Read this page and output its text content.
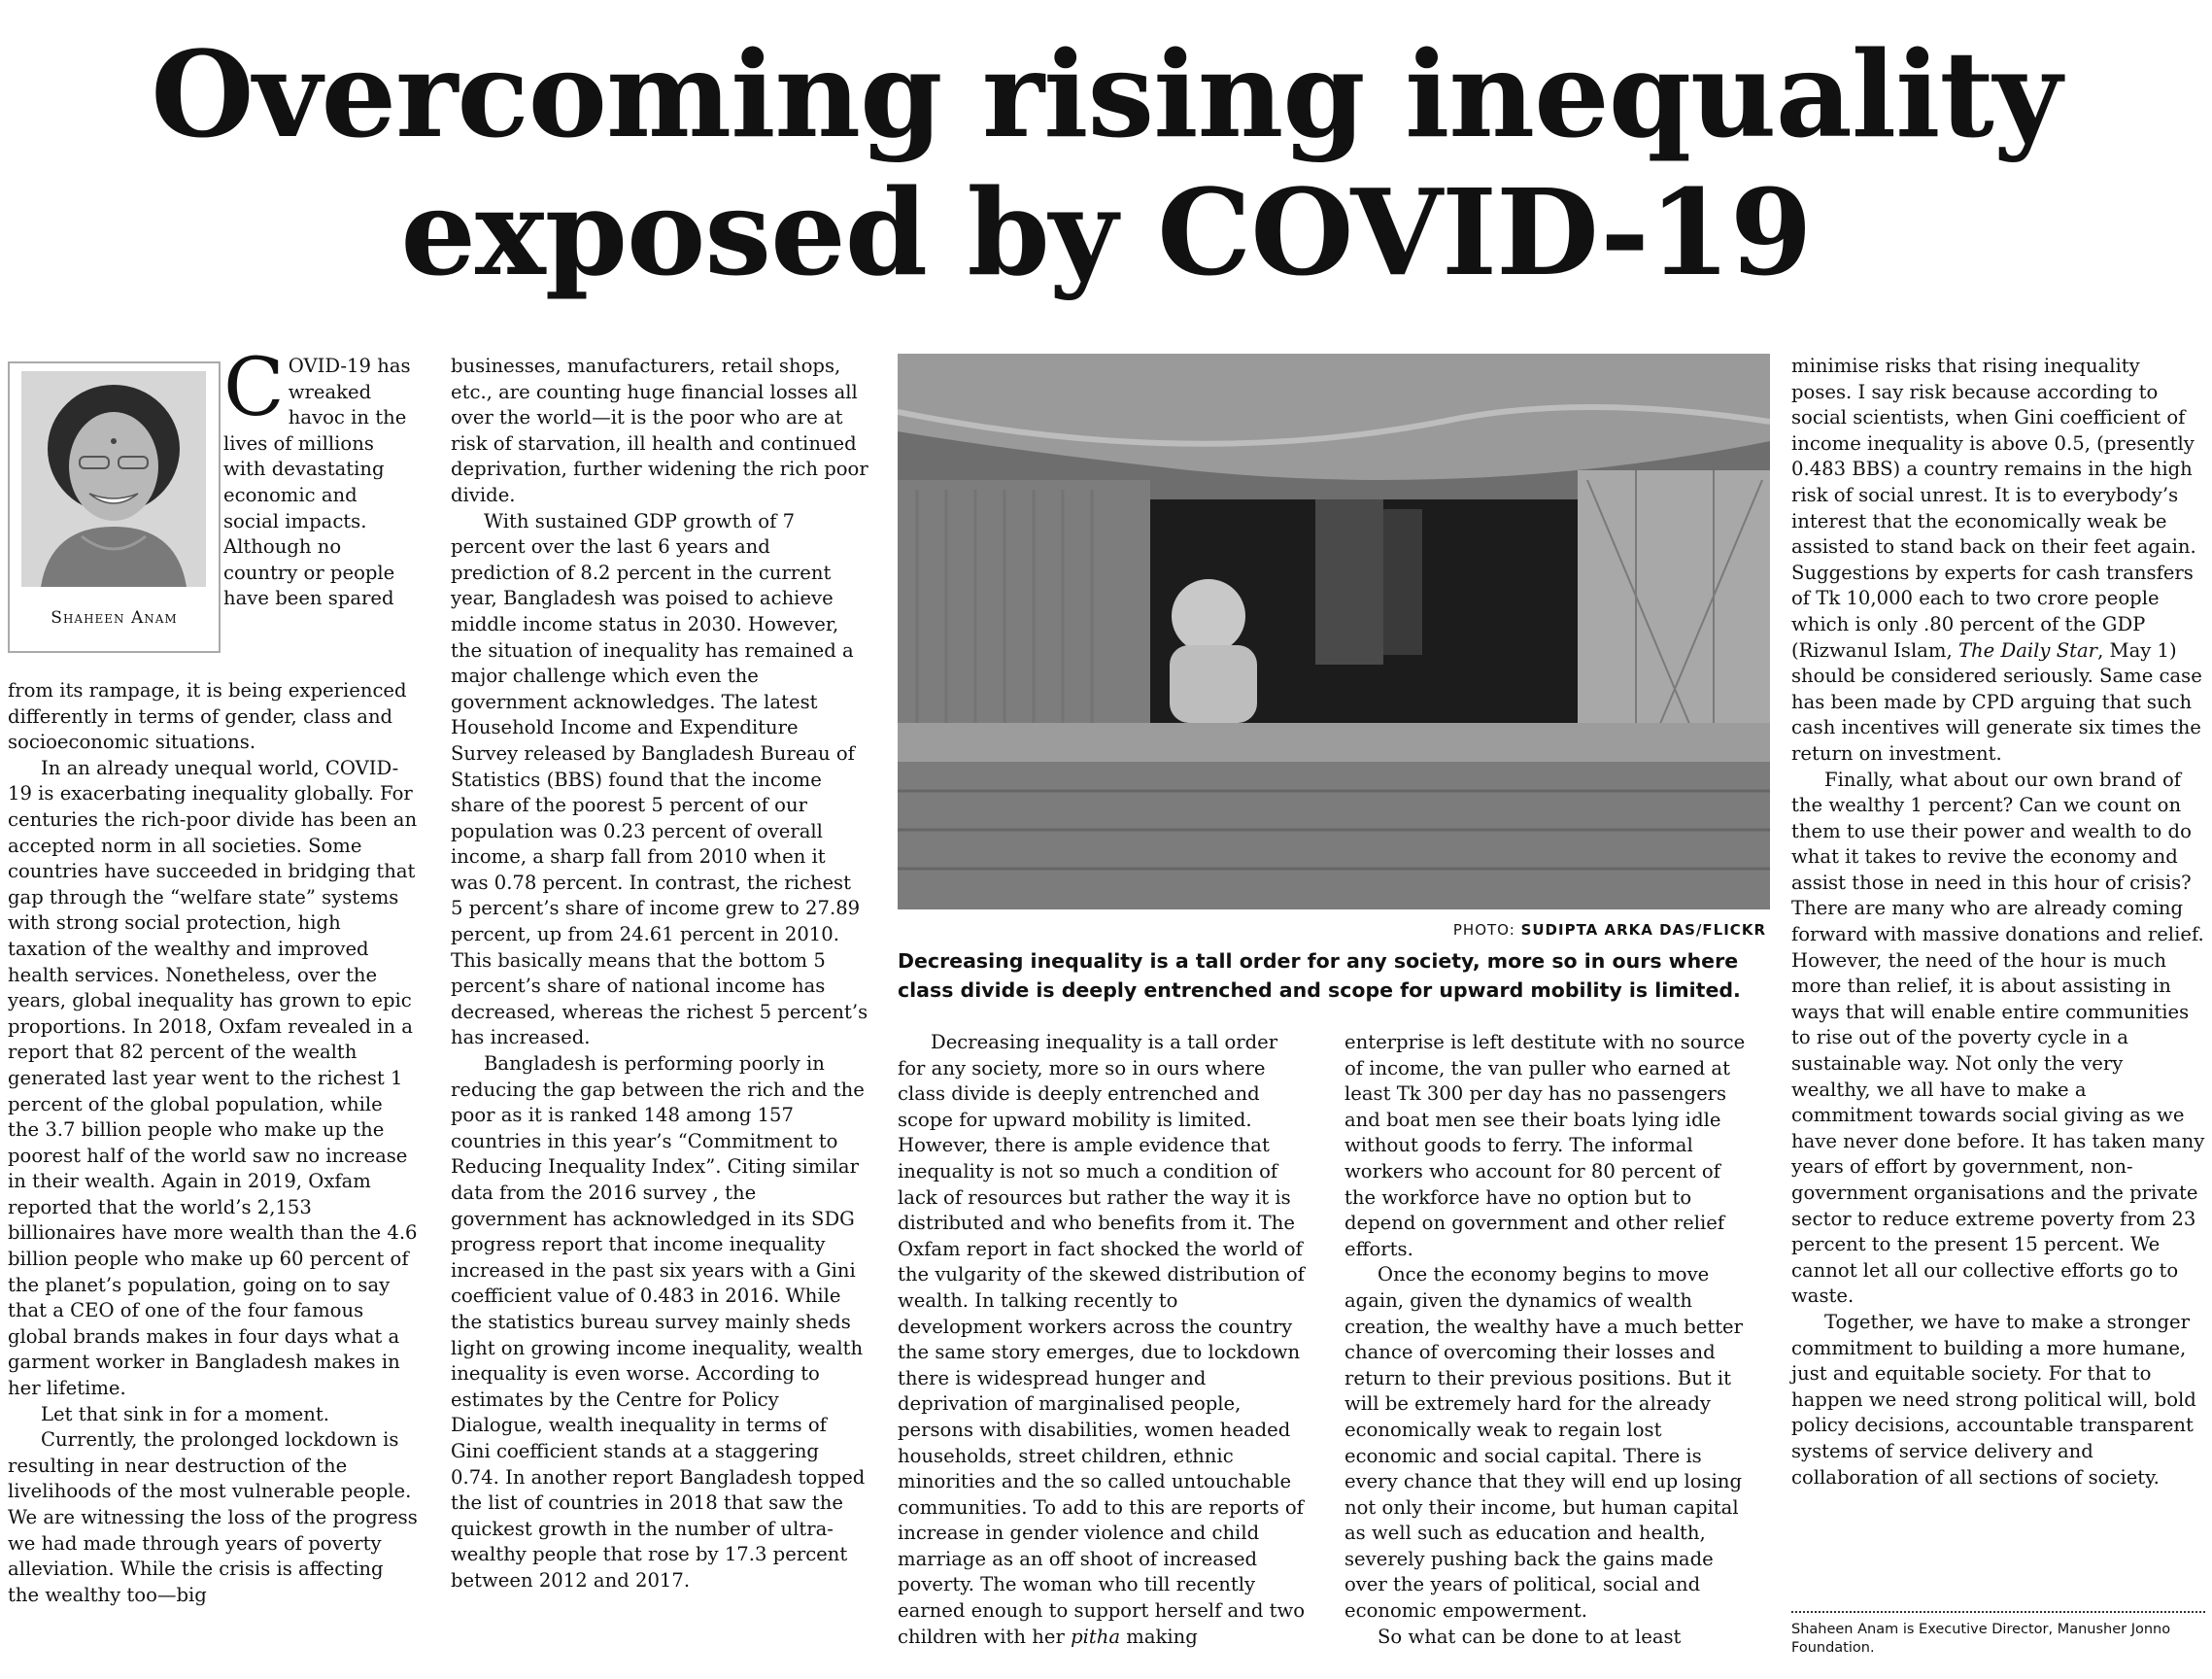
Overcoming rising inequality
exposed by COVID-19
Shaheen Anam

COVID-19 has wreaked havoc in the lives of millions with devastating economic and social impacts. Although no country or people have been spared

from its rampage, it is being experienced differently in terms of gender, class and socioeconomic situations.

In an already unequal world, COVID-19 is exacerbating inequality globally. For centuries the rich-poor divide has been an accepted norm in all societies. Some countries have succeeded in bridging that gap through the “welfare state” systems with strong social protection, high taxation of the wealthy and improved health services. Nonetheless, over the years, global inequality has grown to epic proportions. In 2018, Oxfam revealed in a report that 82 percent of the wealth generated last year went to the richest 1 percent of the global population, while the 3.7 billion people who make up the poorest half of the world saw no increase in their wealth. Again in 2019, Oxfam reported that the world’s 2,153 billionaires have more wealth than the 4.6 billion people who make up 60 percent of the planet’s population, going on to say that a CEO of one of the four famous global brands makes in four days what a garment worker in Bangladesh makes in her lifetime.

Let that sink in for a moment.

Currently, the prolonged lockdown is resulting in near destruction of the livelihoods of the most vulnerable people. We are witnessing the loss of the progress we had made through years of poverty alleviation. While the crisis is affecting the wealthy too—big

businesses, manufacturers, retail shops, etc., are counting huge financial losses all over the world—it is the poor who are at risk of starvation, ill health and continued deprivation, further widening the rich poor divide.

With sustained GDP growth of 7 percent over the last 6 years and prediction of 8.2 percent in the current year, Bangladesh was poised to achieve middle income status in 2030. However, the situation of inequality has remained a major challenge which even the government acknowledges. The latest Household Income and Expenditure Survey released by Bangladesh Bureau of Statistics (BBS) found that the income share of the poorest 5 percent of our population was 0.23 percent of overall income, a sharp fall from 2010 when it was 0.78 percent. In contrast, the richest 5 percent’s share of income grew to 27.89 percent, up from 24.61 percent in 2010. This basically means that the bottom 5 percent’s share of national income has decreased, whereas the richest 5 percent’s has increased.

Bangladesh is performing poorly in reducing the gap between the rich and the poor as it is ranked 148 among 157 countries in this year’s “Commitment to Reducing Inequality Index”. Citing similar data from the 2016 survey , the government has acknowledged in its SDG progress report that income inequality increased in the past six years with a Gini coefficient value of 0.483 in 2016. While the statistics bureau survey mainly sheds light on growing income inequality, wealth inequality is even worse. According to estimates by the Centre for Policy Dialogue, wealth inequality in terms of Gini coefficient stands at a staggering 0.74. In another report Bangladesh topped the list of countries in 2018 that saw the quickest growth in the number of ultra-wealthy people that rose by 17.3 percent between 2012 and 2017.

PHOTO: SUDIPTA ARKA DAS/FLICKR
Decreasing inequality is a tall order for any society, more so in ours where class divide is deeply entrenched and scope for upward mobility is limited.

Decreasing inequality is a tall order for any society, more so in ours where class divide is deeply entrenched and scope for upward mobility is limited. However, there is ample evidence that inequality is not so much a condition of lack of resources but rather the way it is distributed and who benefits from it. The Oxfam report in fact shocked the world of the vulgarity of the skewed distribution of wealth. In talking recently to development workers across the country the same story emerges, due to lockdown there is widespread hunger and deprivation of marginalised people, persons with disabilities, women headed households, street children, ethnic minorities and the so called untouchable communities. To add to this are reports of increase in gender violence and child marriage as an off shoot of increased poverty. The woman who till recently earned enough to support herself and two children with her pitha making

enterprise is left destitute with no source of income, the van puller who earned at least Tk 300 per day has no passengers and boat men see their boats lying idle without goods to ferry. The informal workers who account for 80 percent of the workforce have no option but to depend on government and other relief efforts.

Once the economy begins to move again, given the dynamics of wealth creation, the wealthy have a much better chance of overcoming their losses and return to their previous positions. But it will be extremely hard for the already economically weak to regain lost economic and social capital. There is every chance that they will end up losing not only their income, but human capital as well such as education and health, severely pushing back the gains made over the years of political, social and economic empowerment.

So what can be done to at least

minimise risks that rising inequality poses. I say risk because according to social scientists, when Gini coefficient of income inequality is above 0.5, (presently 0.483 BBS) a country remains in the high risk of social unrest. It is to everybody’s interest that the economically weak be assisted to stand back on their feet again. Suggestions by experts for cash transfers of Tk 10,000 each to two crore people which is only .80 percent of the GDP (Rizwanul Islam, The Daily Star, May 1) should be considered seriously. Same case has been made by CPD arguing that such cash incentives will generate six times the return on investment.

Finally, what about our own brand of the wealthy 1 percent? Can we count on them to use their power and wealth to do what it takes to revive the economy and assist those in need in this hour of crisis? There are many who are already coming forward with massive donations and relief. However, the need of the hour is much more than relief, it is about assisting in ways that will enable entire communities to rise out of the poverty cycle in a sustainable way. Not only the very wealthy, we all have to make a commitment towards social giving as we have never done before. It has taken many years of effort by government, non-government organisations and the private sector to reduce extreme poverty from 23 percent to the present 15 percent. We cannot let all our collective efforts go to waste.

Together, we have to make a stronger commitment to building a more humane, just and equitable society. For that to happen we need strong political will, bold policy decisions, accountable transparent systems of service delivery and collaboration of all sections of society.

Shaheen Anam is Executive Director, Manusher Jonno Foundation.
